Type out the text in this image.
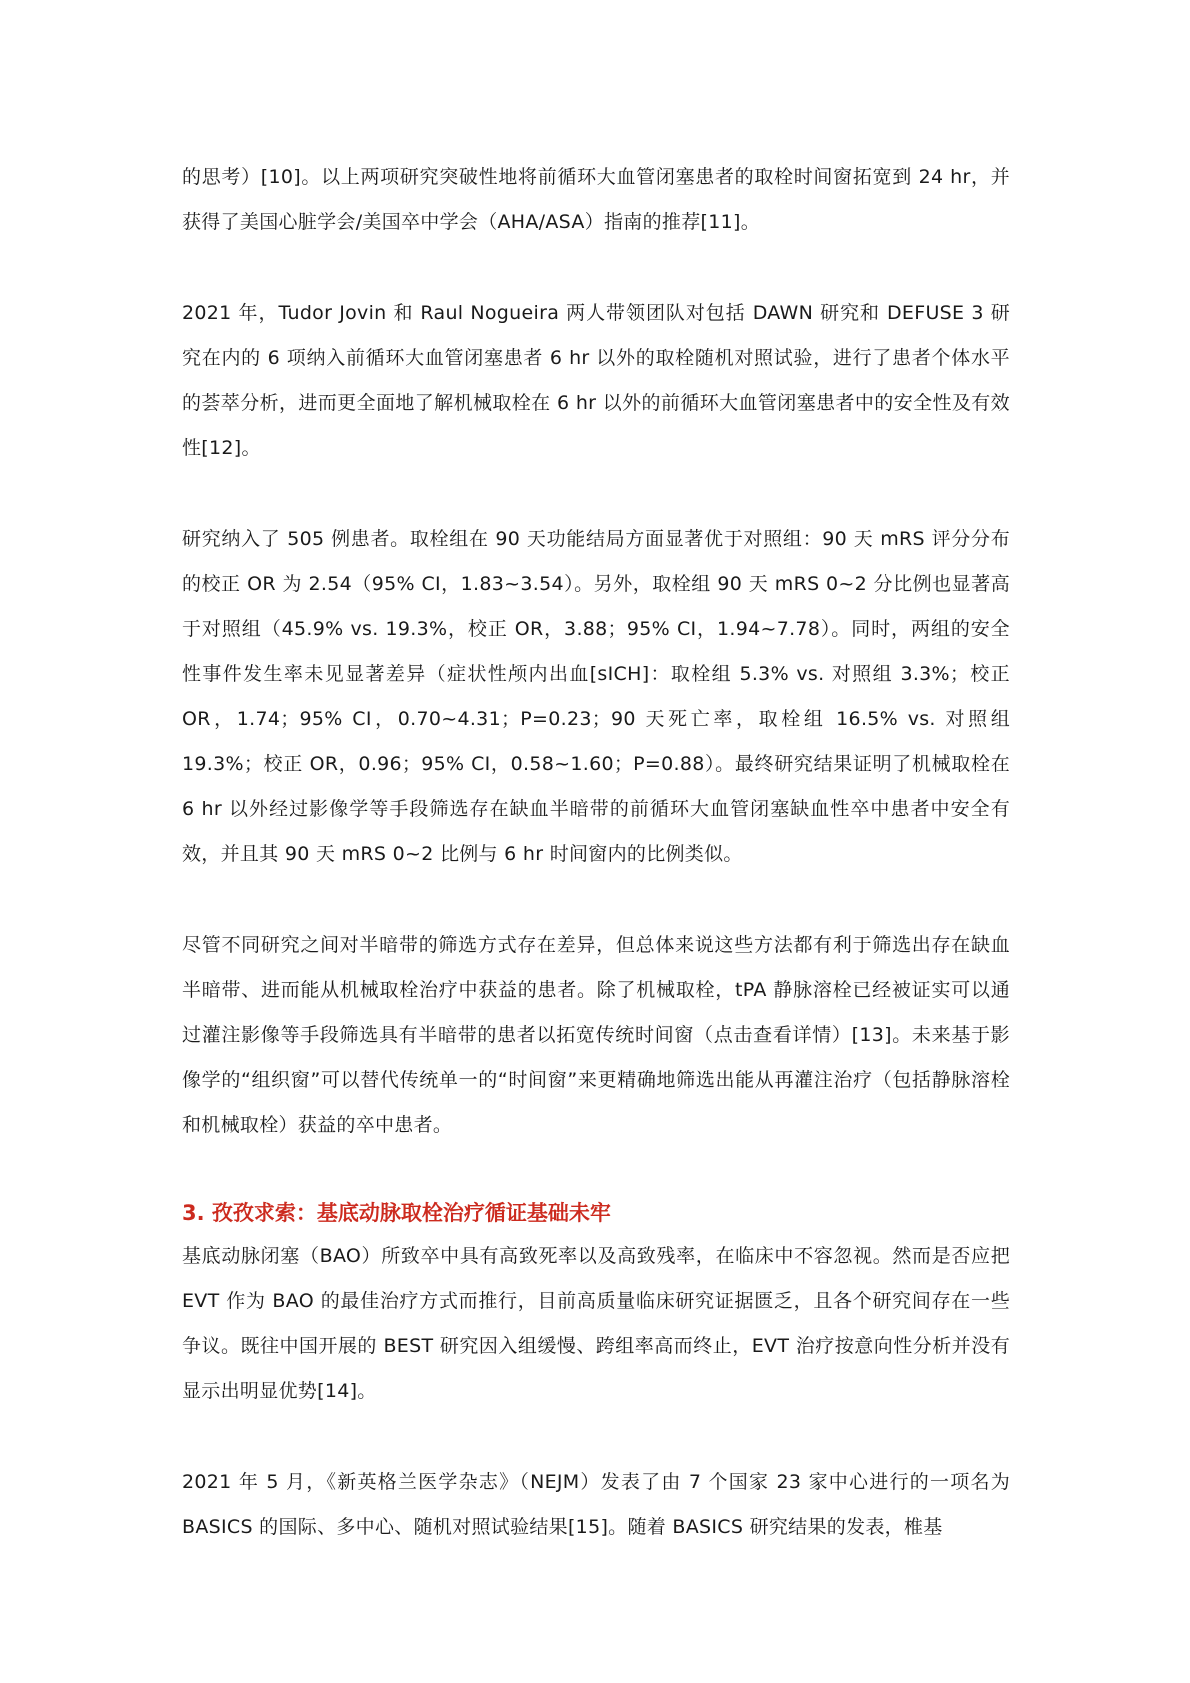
的思考）[10]。以上两项研究突破性地将前循环大血管闭塞患者的取栓时间窗拓宽到 24 hr，并获得了美国心脏学会/美国卒中学会（AHA/ASA）指南的推荐[11]。

2021 年，Tudor Jovin 和 Raul Nogueira 两人带领团队对包括 DAWN 研究和 DEFUSE 3 研究在内的 6 项纳入前循环大血管闭塞患者 6 hr 以外的取栓随机对照试验，进行了患者个体水平的荟萃分析，进而更全面地了解机械取栓在 6 hr 以外的前循环大血管闭塞患者中的安全性及有效性[12]。

研究纳入了 505 例患者。取栓组在 90 天功能结局方面显著优于对照组：90 天 mRS 评分分布的校正 OR 为 2.54（95% CI，1.83~3.54）。另外，取栓组 90 天 mRS 0~2 分比例也显著高于对照组（45.9% vs. 19.3%，校正 OR，3.88；95% CI，1.94~7.78）。同时，两组的安全性事件发生率未见显著差异（症状性颅内出血[sICH]：取栓组 5.3% vs. 对照组 3.3%；校正 OR，1.74；95% CI，0.70~4.31；P=0.23；90 天死亡率，取栓组 16.5% vs. 对照组 19.3%；校正 OR，0.96；95% CI，0.58~1.60；P=0.88）。最终研究结果证明了机械取栓在 6 hr 以外经过影像学等手段筛选存在缺血半暗带的前循环大血管闭塞缺血性卒中患者中安全有效，并且其 90 天 mRS 0~2 比例与 6 hr 时间窗内的比例类似。

尽管不同研究之间对半暗带的筛选方式存在差异，但总体来说这些方法都有利于筛选出存在缺血半暗带、进而能从机械取栓治疗中获益的患者。除了机械取栓，tPA 静脉溶栓已经被证实可以通过灌注影像等手段筛选具有半暗带的患者以拓宽传统时间窗（点击查看详情）[13]。未来基于影像学的“组织窗”可以替代传统单一的“时间窗”来更精确地筛选出能从再灌注治疗（包括静脉溶栓和机械取栓）获益的卒中患者。

3. 孜孜求索：基底动脉取栓治疗循证基础未牢

基底动脉闭塞（BAO）所致卒中具有高致死率以及高致残率，在临床中不容忽视。然而是否应把 EVT 作为 BAO 的最佳治疗方式而推行，目前高质量临床研究证据匮乏，且各个研究间存在一些争议。既往中国开展的 BEST 研究因入组缓慢、跨组率高而终止，EVT 治疗按意向性分析并没有显示出明显优势[14]。

2021 年 5 月，《新英格兰医学杂志》（NEJM）发表了由 7 个国家 23 家中心进行的一项名为 BASICS 的国际、多中心、随机对照试验结果[15]。随着 BASICS 研究结果的发表，椎基
